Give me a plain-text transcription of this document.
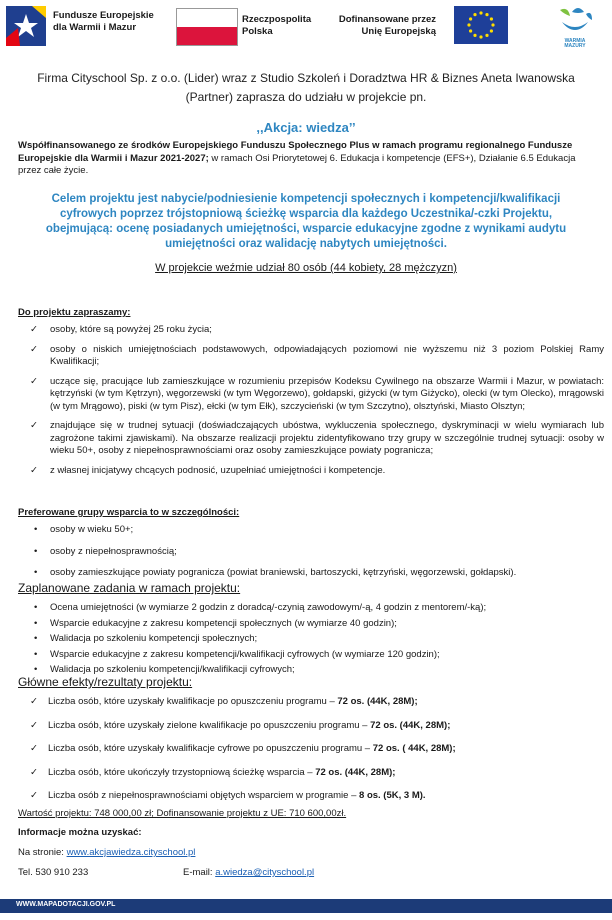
Fundusze Europejskie
dla Warmii i Mazur
Rzeczpospolita
Polska
Dofinansowane przez
Unię Europejską
WARMIA
MAZURY
Firma Cityschool Sp. z o.o. (Lider) wraz z Studio Szkoleń i Doradztwa HR & Biznes Aneta Iwanowska (Partner) zaprasza do udziału w projekcie pn.
,,Akcja: wiedza’’
Współfinansowanego ze środków Europejskiego Funduszu Społecznego Plus w ramach programu regionalnego Fundusze Europejskie dla Warmii i Mazur 2021-2027; w ramach Osi Priorytetowej 6. Edukacja i kompetencje (EFS+), Działanie 6.5 Edukacja przez całe życie.
Celem projektu jest nabycie/podniesienie kompetencji społecznych i kompetencji/kwalifikacji cyfrowych poprzez trójstopniową ścieżkę wsparcia dla każdego Uczestnika/-czki Projektu, obejmującą: ocenę posiadanych umiejętności, wsparcie edukacyjne zgodne z wynikami audytu umiejętności oraz walidację nabytych umiejętności.
W projekcie weźmie udział 80 osób (44 kobiety, 28 mężczyzn)
Do projektu zapraszamy:
✓ osoby, które są powyżej 25 roku życia;
✓ osoby o niskich umiejętnościach podstawowych, odpowiadających poziomowi nie wyższemu niż 3 poziom Polskiej Ramy Kwalifikacji;
✓ uczące się, pracujące lub zamieszkujące w rozumieniu przepisów Kodeksu Cywilnego na obszarze Warmii i Mazur, w powiatach: kętrzyński (w tym Kętrzyn), węgorzewski (w tym Węgorzewo), gołdapski, giżycki (w tym Giżycko), olecki (w tym Olecko), mrągowski (w tym Mrągowo), piski (w tym Pisz), ełcki (w tym Ełk), szczycieński (w tym Szczytno), olsztyński, Miasto Olsztyn;
✓ znajdujące się w trudnej sytuacji (doświadczających ubóstwa, wykluczenia społecznego, dyskryminacji w wielu wymiarach lub zagrożone takimi zjawiskami). Na obszarze realizacji projektu zidentyfikowano trzy grupy w szczególnie trudnej sytuacji: osoby w wieku 50+, osoby z niepełnosprawnościami oraz osoby zamieszkujące powiaty pogranicza;
✓ z własnej inicjatywy chcących podnosić, uzupełniać umiejętności i kompetencje.
Preferowane grupy wsparcia to w szczególności:
• osoby w wieku 50+;
• osoby z niepełnosprawnością;
• osoby zamieszkujące powiaty pogranicza (powiat braniewski, bartoszycki, kętrzyński, węgorzewski, gołdapski).
Zaplanowane zadania w ramach projektu:
• Ocena umiejętności (w wymiarze 2 godzin z doradcą/-czynią zawodowym/-ą, 4 godzin z mentorem/-ką);
• Wsparcie edukacyjne z zakresu kompetencji społecznych (w wymiarze 40 godzin);
• Walidacja po szkoleniu kompetencji społecznych;
• Wsparcie edukacyjne z zakresu kompetencji/kwalifikacji cyfrowych (w wymiarze 120 godzin);
• Walidacja po szkoleniu kompetencji/kwalifikacji cyfrowych;
Główne efekty/rezultaty projektu:
✓ Liczba osób, które uzyskały kwalifikacje po opuszczeniu programu – 72 os. (44K, 28M);
✓ Liczba osób, które uzyskały zielone kwalifikacje po opuszczeniu programu – 72 os. (44K, 28M);
✓ Liczba osób, które uzyskały kwalifikacje cyfrowe po opuszczeniu programu – 72 os. ( 44K, 28M);
✓ Liczba osób, które ukończyły trzystopniową ścieżkę wsparcia – 72 os. (44K, 28M);
✓ Liczba osób z niepełnosprawnościami objętych wsparciem w programie – 8 os. (5K, 3 M).
Wartość projektu: 748 000,00 zł; Dofinansowanie projektu z UE: 710 600,00zł.
Informacje można uzyskać:
Na stronie: www.akcjawiedza.cityschool.pl
Tel. 530 910 233	E-mail: a.wiedza@cityschool.pl
WWW.MAPADOTACJI.GOV.PL
